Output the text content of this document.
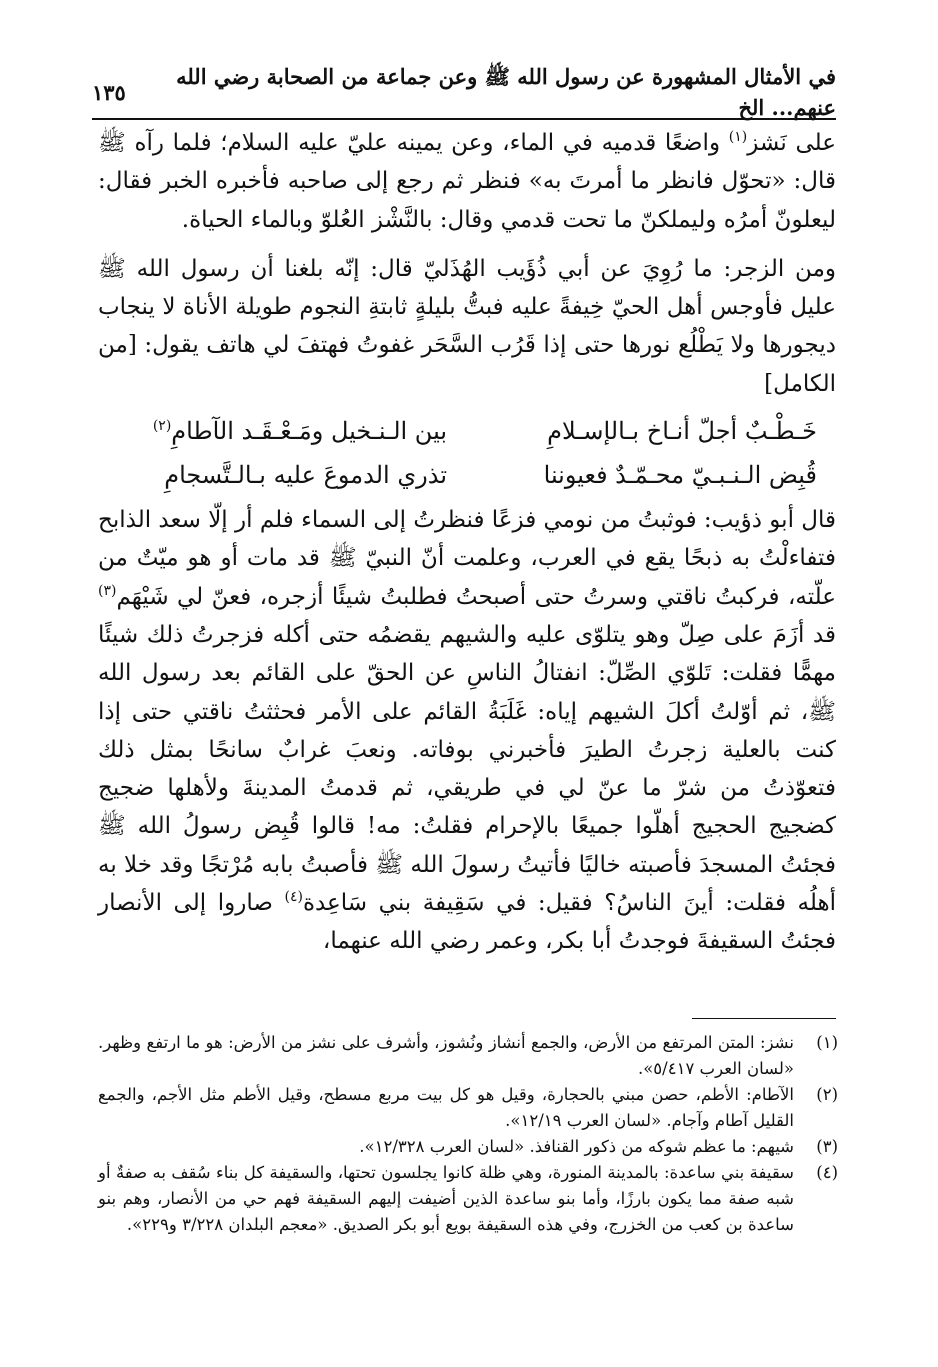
في الأمثال المشهورة عن رسول الله ﷺ وعن جماعة من الصحابة رضي الله عنهم... الخ
١٣٥

على نَشز$^{(١)}$ واضعًا قدميه في الماء، وعن يمينه عليّ عليه السلام؛ فلما رآه ﷺ قال: «تحوّل فانظر ما أمرتَ به» فنظر ثم رجع إلى صاحبه فأخبره الخبر فقال: ليعلونّ أمرُه وليملكنّ ما تحت قدمي وقال: بالنَّشْز العُلوّ وبالماء الحياة.

ومن الزجر: ما رُوِيَ عن أبي ذُؤَيب الهُذَليّ قال: إنّه بلغنا أن رسول الله ﷺ عليل فأوجس أهل الحيّ خِيفةً عليه فبتُّ بليلةٍ ثابتةِ النجوم طويلة الأناة لا ينجاب ديجورها ولا يَطْلُع نورها حتى إذا قَرُب السَّحَر غفوتُ فهتفَ لي هاتف يقول: [من الكامل]

خَـطْـبٌ أجلّ أنـاخ بـالإسـلامِ
بين الـنـخيل ومَـعْـقَـد الآطامِ$^{(٢)}$
قُبِض الـنـبـيّ محـمّـدٌ فعيوننا
تذري الدموعَ عليه بـالـتَّسجامِ

قال أبو ذؤيب: فوثبتُ من نومي فزعًا فنظرتُ إلى السماء فلم أر إلّا سعد الذابح فتفاءلْتُ به ذبحًا يقع في العرب، وعلمت أنّ النبيّ ﷺ قد مات أو هو ميّتٌ من علّته، فركبتُ ناقتي وسرتُ حتى أصبحتُ فطلبتُ شيئًا أزجره، فعنّ لي شَيْهَم$^{(٣)}$ قد أزَمَ على صِلّ وهو يتلوّى عليه والشيهم يقضمُه حتى أكله فزجرتُ ذلك شيئًا مهمًّا فقلت: تَلوّي الصِّلّ: انفتالُ الناسِ عن الحقّ على القائم بعد رسول الله ﷺ، ثم أوّلتُ أكلَ الشيهم إياه: غَلَبَةُ القائم على الأمر فحثثتُ ناقتي حتى إذا كنت بالعلية زجرتُ الطيرَ فأخبرني بوفاته. ونعبَ غرابٌ سانحًا بمثل ذلك فتعوّذتُ من شرّ ما عنّ لي في طريقي، ثم قدمتُ المدينةَ ولأهلها ضجيج كضجيج الحجيج أهلّوا جميعًا بالإحرام فقلتُ: مه! قالوا قُبِض رسولُ الله ﷺ فجئتُ المسجدَ فأصبته خاليًا فأتيتُ رسولَ الله ﷺ فأصبتُ بابه مُرْتجًا وقد خلا به أهلُه فقلت: أينَ الناسُ؟ فقيل: في سَقِيفة بني سَاعِدة$^{(٤)}$ صاروا إلى الأنصار فجئتُ السقيفةَ فوجدتُ أبا بكر، وعمر رضي الله عنهما،

(١)
نشز: المتن المرتفع من الأرض، والجمع أنشاز ونُشوز، وأشرف على نشز من الأرض: هو ما ارتفع وظهر. «لسان العرب ٥/٤١٧».
(٢)
الآطام: الأطم، حصن مبني بالحجارة، وقيل هو كل بيت مربع مسطح، وقيل الأطم مثل الأجم، والجمع القليل آطام وآجام. «لسان العرب ١٢/١٩».
(٣)
شيهم: ما عظم شوكه من ذكور القنافذ. «لسان العرب ١٢/٣٢٨».
(٤)
سقيفة بني ساعدة: بالمدينة المنورة، وهي ظلة كانوا يجلسون تحتها، والسقيفة كل بناء سُقف به صفةٌ أو شبه صفة مما يكون بارزًا، وأما بنو ساعدة الذين أضيفت إليهم السقيفة فهم حي من الأنصار، وهم بنو ساعدة بن كعب من الخزرج، وفي هذه السقيفة بويع أبو بكر الصديق. «معجم البلدان ٣/٢٢٨ و٢٢٩».
